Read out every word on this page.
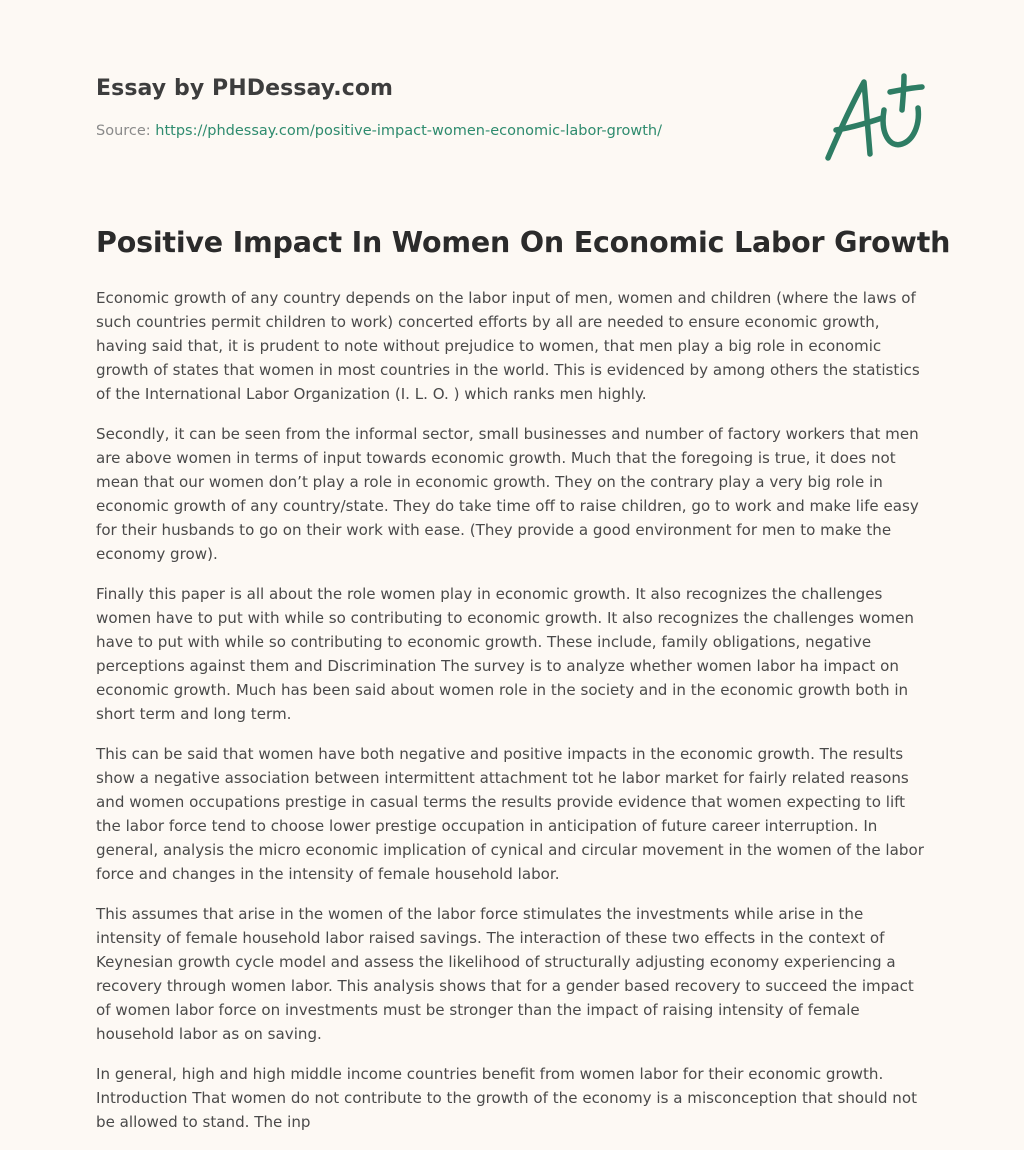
Essay by PHDessay.com
Source: https://phdessay.com/positive-impact-women-economic-labor-growth/
Positive Impact In Women On Economic Labor Growth

Economic growth of any country depends on the labor input of men, women and children (where the laws of such countries permit children to work) concerted efforts by all are needed to ensure economic growth, having said that, it is prudent to note without prejudice to women, that men play a big role in economic growth of states that women in most countries in the world. This is evidenced by among others the statistics of the International Labor Organization (I. L. O. ) which ranks men highly.

Secondly, it can be seen from the informal sector, small businesses and number of factory workers that men are above women in terms of input towards economic growth. Much that the foregoing is true, it does not mean that our women don’t play a role in economic growth. They on the contrary play a very big role in economic growth of any country/state. They do take time off to raise children, go to work and make life easy for their husbands to go on their work with ease. (They provide a good environment for men to make the economy grow).

Finally this paper is all about the role women play in economic growth. It also recognizes the challenges women have to put with while so contributing to economic growth. It also recognizes the challenges women have to put with while so contributing to economic growth. These include, family obligations, negative perceptions against them and Discrimination The survey is to analyze whether women labor ha impact on economic growth. Much has been said about women role in the society and in the economic growth both in short term and long term.

This can be said that women have both negative and positive impacts in the economic growth. The results show a negative association between intermittent attachment tot he labor market for fairly related reasons and women occupations prestige in casual terms the results provide evidence that women expecting to lift the labor force tend to choose lower prestige occupation in anticipation of future career interruption. In general, analysis the micro economic implication of cynical and circular movement in the women of the labor force and changes in the intensity of female household labor.

This assumes that arise in the women of the labor force stimulates the investments while arise in the intensity of female household labor raised savings. The interaction of these two effects in the context of Keynesian growth cycle model and assess the likelihood of structurally adjusting economy experiencing a recovery through women labor. This analysis shows that for a gender based recovery to succeed the impact of women labor force on investments must be stronger than the impact of raising intensity of female household labor as on saving.

In general, high and high middle income countries benefit from women labor for their economic growth. Introduction That women do not contribute to the growth of the economy is a misconception that should not be allowed to stand. The inp
